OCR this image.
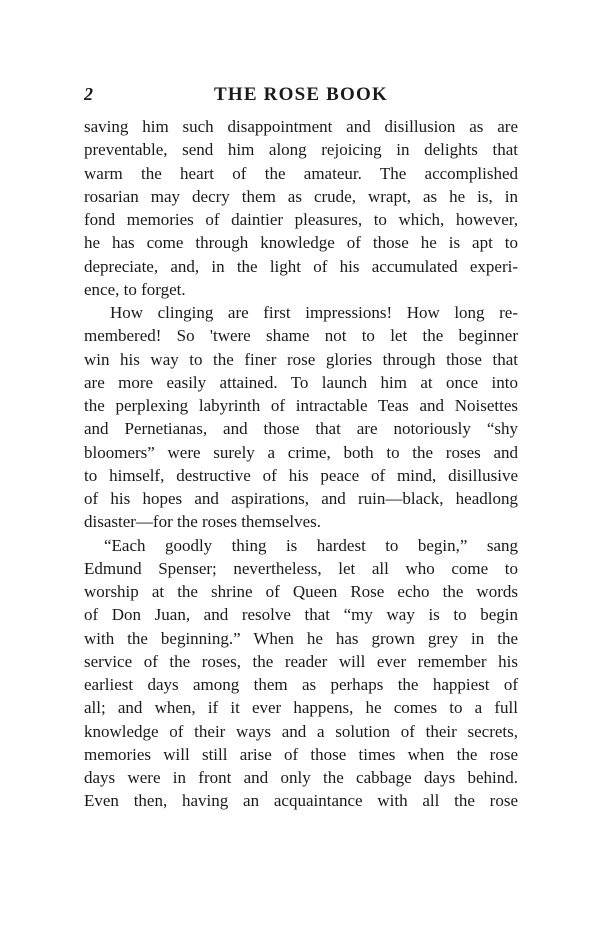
2	THE ROSE BOOK
saving him such disappointment and disillusion as are
preventable, send him along rejoicing in delights that
warm the heart of the amateur. The accomplished
rosarian may decry them as crude, wrapt, as he is, in
fond memories of daintier pleasures, to which, however,
he has come through knowledge of those he is apt to
depreciate, and, in the light of his accumulated experi-
ence, to forget.
How clinging are first impressions! How long re-
membered! So 'twere shame not to let the beginner
win his way to the finer rose glories through those that
are more easily attained. To launch him at once into
the perplexing labyrinth of intractable Teas and Noisettes
and Pernetianas, and those that are notoriously “shy
bloomers” were surely a crime, both to the roses and
to himself, destructive of his peace of mind, disillusive
of his hopes and aspirations, and ruin—black, headlong
disaster—for the roses themselves.
“Each goodly thing is hardest to begin,” sang
Edmund Spenser; nevertheless, let all who come to
worship at the shrine of Queen Rose echo the words
of Don Juan, and resolve that “my way is to begin
with the beginning.” When he has grown grey in the
service of the roses, the reader will ever remember his
earliest days among them as perhaps the happiest of
all; and when, if it ever happens, he comes to a full
knowledge of their ways and a solution of their secrets,
memories will still arise of those times when the rose
days were in front and only the cabbage days behind.
Even then, having an acquaintance with all the rose
